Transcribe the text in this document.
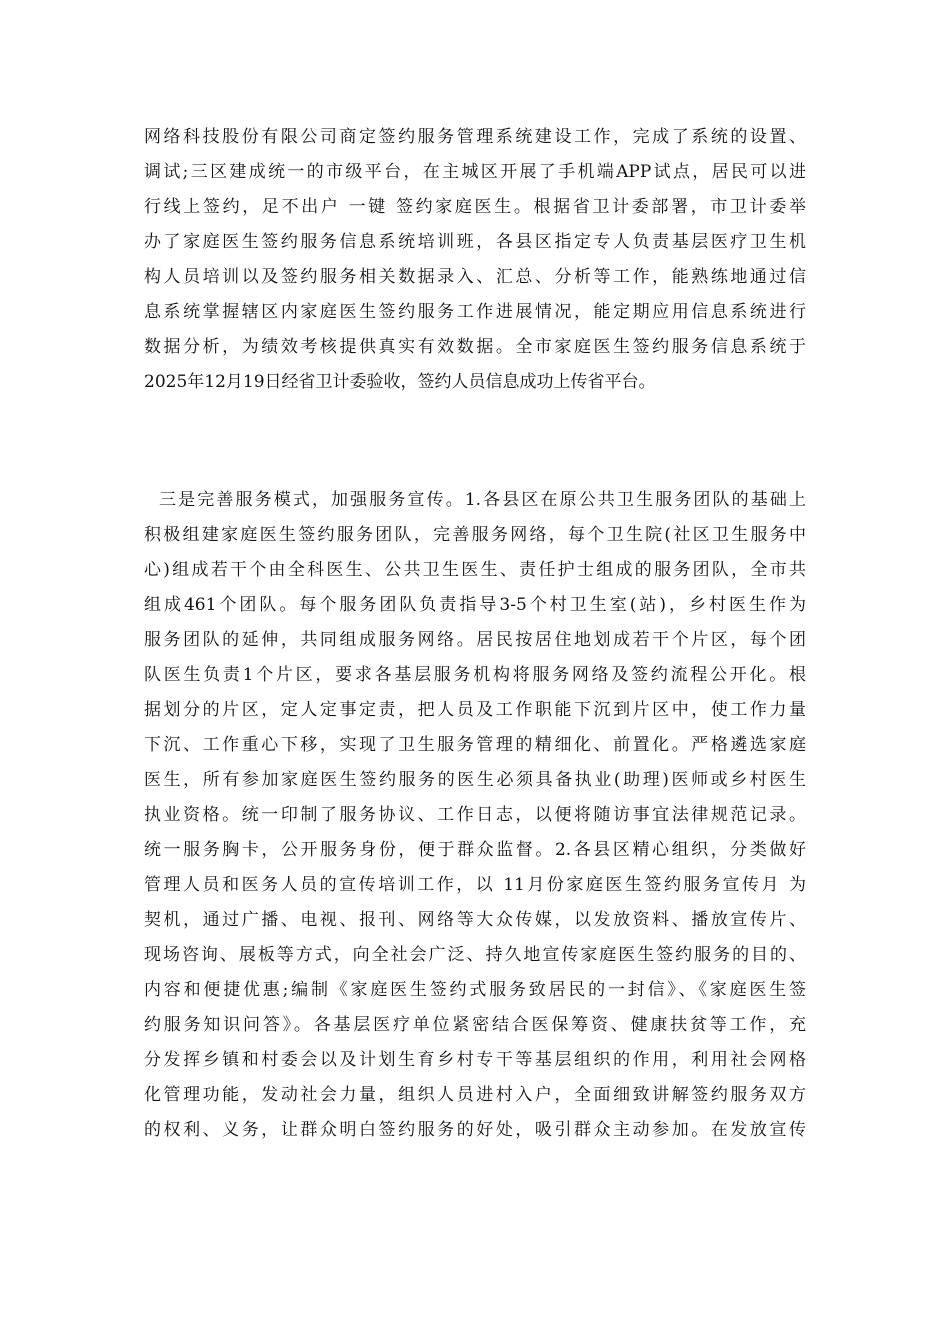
网络科技股份有限公司商定签约服务管理系统建设工作，完成了系统的设置、
调试;三区建成统一的市级平台，在主城区开展了手机端APP试点，居民可以进
行线上签约，足不出户 一键 签约家庭医生。根据省卫计委部署，市卫计委举
办了家庭医生签约服务信息系统培训班，各县区指定专人负责基层医疗卫生机
构人员培训以及签约服务相关数据录入、汇总、分析等工作，能熟练地通过信
息系统掌握辖区内家庭医生签约服务工作进展情况，能定期应用信息系统进行
数据分析，为绩效考核提供真实有效数据。全市家庭医生签约服务信息系统于
2025年12月19日经省卫计委验收，签约人员信息成功上传省平台。
三是完善服务模式，加强服务宣传。1.各县区在原公共卫生服务团队的基础上
积极组建家庭医生签约服务团队，完善服务网络，每个卫生院(社区卫生服务中
心)组成若干个由全科医生、公共卫生医生、责任护士组成的服务团队，全市共
组成461个团队。每个服务团队负责指导3-5个村卫生室(站)，乡村医生作为
服务团队的延伸，共同组成服务网络。居民按居住地划成若干个片区，每个团
队医生负责1个片区，要求各基层服务机构将服务网络及签约流程公开化。根
据划分的片区，定人定事定责，把人员及工作职能下沉到片区中，使工作力量
下沉、工作重心下移，实现了卫生服务管理的精细化、前置化。严格遴选家庭
医生，所有参加家庭医生签约服务的医生必须具备执业(助理)医师或乡村医生
执业资格。统一印制了服务协议、工作日志，以便将随访事宜法律规范记录。
统一服务胸卡，公开服务身份，便于群众监督。2.各县区精心组织，分类做好
管理人员和医务人员的宣传培训工作，以 11月份家庭医生签约服务宣传月 为
契机，通过广播、电视、报刊、网络等大众传媒，以发放资料、播放宣传片、
现场咨询、展板等方式，向全社会广泛、持久地宣传家庭医生签约服务的目的、
内容和便捷优惠;编制《家庭医生签约式服务致居民的一封信》、《家庭医生签
约服务知识问答》。各基层医疗单位紧密结合医保筹资、健康扶贫等工作，充
分发挥乡镇和村委会以及计划生育乡村专干等基层组织的作用，利用社会网格
化管理功能，发动社会力量，组织人员进村入户，全面细致讲解签约服务双方
的权利、义务，让群众明白签约服务的好处，吸引群众主动参加。在发放宣传
